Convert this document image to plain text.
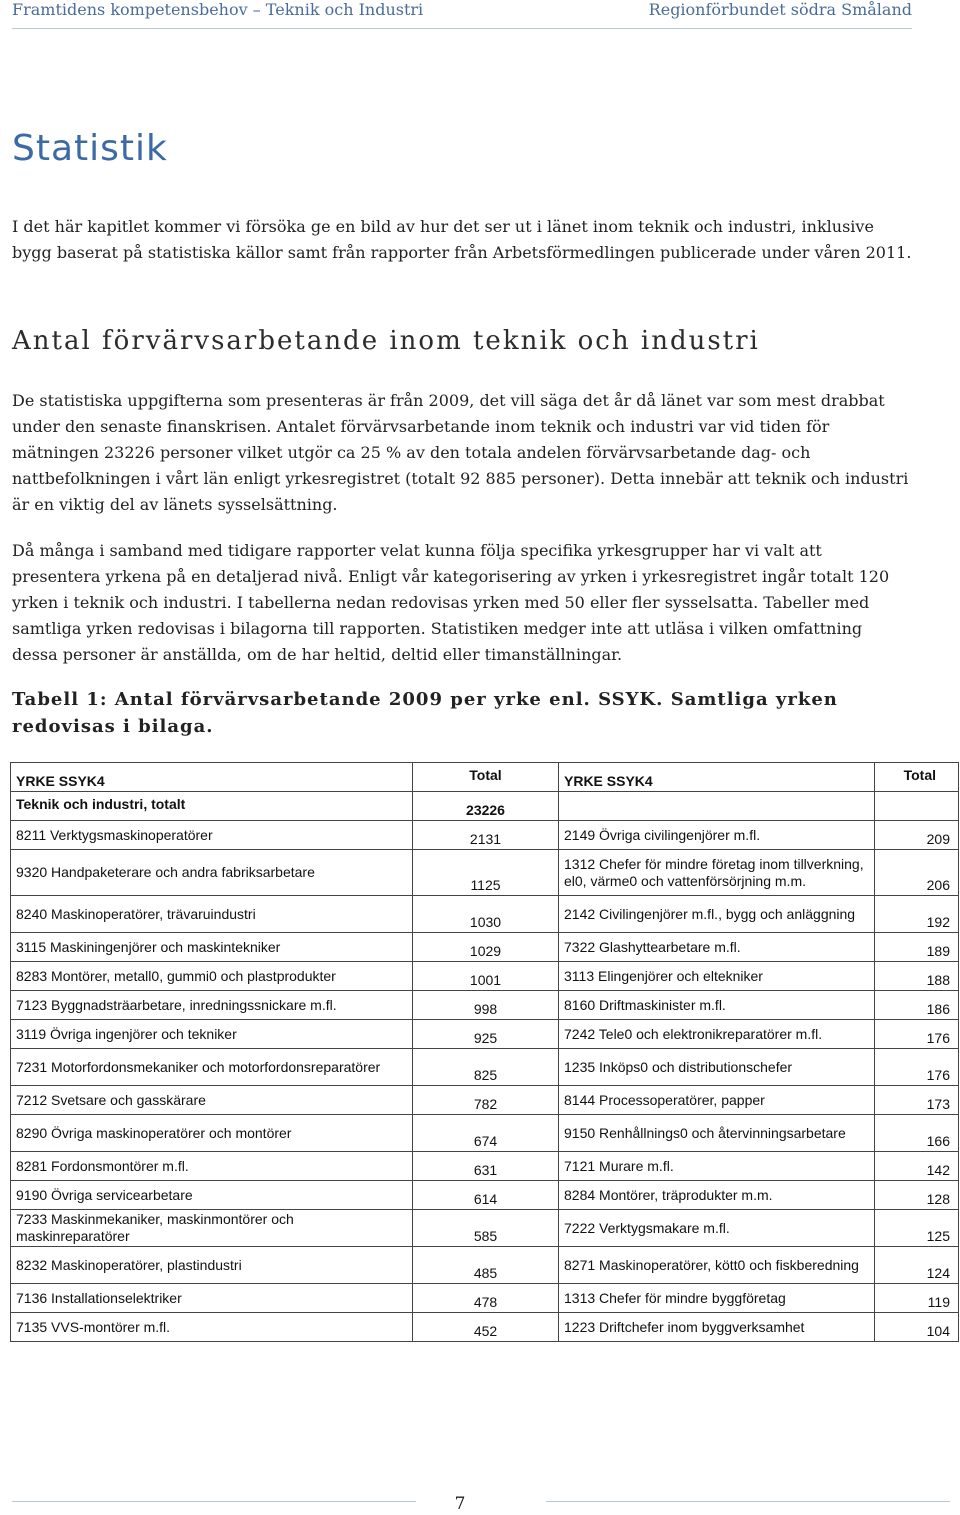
Framtidens kompetensbehov – Teknik och Industri	Regionförbundet södra Småland
Statistik

I det här kapitlet kommer vi försöka ge en bild av hur det ser ut i länet inom teknik och industri, inklusive bygg baserat på statistiska källor samt från rapporter från Arbetsförmedlingen publicerade under våren 2011.

Antal förvärvsarbetande inom teknik och industri

De statistiska uppgifterna som presenteras är från 2009, det vill säga det år då länet var som mest drabbat under den senaste finanskrisen. Antalet förvärvsarbetande inom teknik och industri var vid tiden för mätningen 23226 personer vilket utgör ca 25 % av den totala andelen förvärvsarbetande dag- och nattbefolkningen i vårt län enligt yrkesregistret (totalt 92 885 personer). Detta innebär att teknik och industri är en viktig del av länets sysselsättning.

Då många i samband med tidigare rapporter velat kunna följa specifika yrkesgrupper har vi valt att presentera yrkena på en detaljerad nivå. Enligt vår kategorisering av yrken i yrkesregistret ingår totalt 120 yrken i teknik och industri. I tabellerna nedan redovisas yrken med 50 eller fler sysselsatta. Tabeller med samtliga yrken redovisas i bilagorna till rapporten. Statistiken medger inte att utläsa i vilken omfattning dessa personer är anställda, om de har heltid, deltid eller timanställningar.

Tabell 1: Antal förvärvsarbetande 2009 per yrke enl. SSYK. Samtliga yrken redovisas i bilaga.

YRKE SSYK4	Total	YRKE SSYK4	Total
Teknik och industri, totalt	23226		
8211 Verktygsmaskinoperatörer	2131	2149 Övriga civilingenjörer m.fl.	209
9320 Handpaketerare och andra fabriksarbetare	1125	1312 Chefer för mindre företag inom tillverkning, el0, värme0 och vattenförsörjning m.m.	206
8240 Maskinoperatörer, trävaruindustri	1030	2142 Civilingenjörer m.fl., bygg och anläggning	192
3115 Maskiningenjörer och maskintekniker	1029	7322 Glashyttearbetare m.fl.	189
8283 Montörer, metall0, gummi0 och plastprodukter	1001	3113 Elingenjörer och eltekniker	188
7123 Byggnadsträarbetare, inredningssnickare m.fl.	998	8160 Driftmaskinister m.fl.	186
3119 Övriga ingenjörer och tekniker	925	7242 Tele0 och elektronikreparatörer m.fl.	176
7231 Motorfordonsmekaniker och motorfordonsreparatörer	825	1235 Inköps0 och distributionschefer	176
7212 Svetsare och gasskärare	782	8144 Processoperatörer, papper	173
8290 Övriga maskinoperatörer och montörer	674	9150 Renhållnings0 och återvinningsarbetare	166
8281 Fordonsmontörer m.fl.	631	7121 Murare m.fl.	142
9190 Övriga servicearbetare	614	8284 Montörer, träprodukter m.m.	128
7233 Maskinmekaniker, maskinmontörer och maskinreparatörer	585	7222 Verktygsmakare m.fl.	125
8232 Maskinoperatörer, plastindustri	485	8271 Maskinoperatörer, kött0 och fiskberedning	124
7136 Installationselektriker	478	1313 Chefer för mindre byggföretag	119
7135 VVS-montörer m.fl.	452	1223 Driftchefer inom byggverksamhet	104
7
